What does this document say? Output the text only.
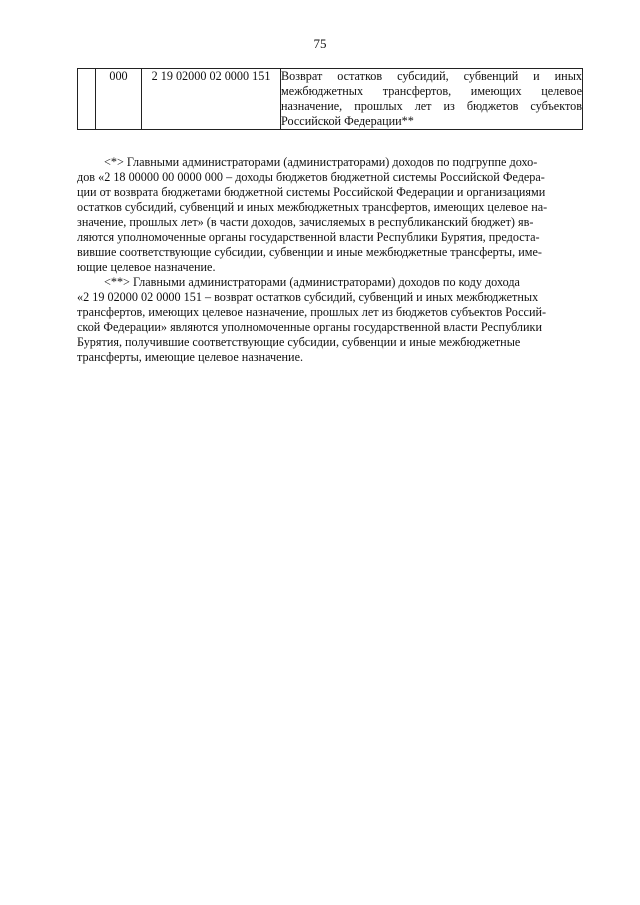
75
	000	2 19 02000 02 0000 151	Возврат остатков субсидий, субвенций и иных межбюджетных трансфертов, имеющих целевое назначение, прошлых лет из бюджетов субъектов Российской Федерации**

<*> Главными администраторами (администраторами) доходов по подгруппе дохо-
дов «2 18 00000 00 0000 000 – доходы бюджетов бюджетной системы Российской Федера-
ции от возврата бюджетами бюджетной системы Российской Федерации и организациями
остатков субсидий, субвенций и иных межбюджетных трансфертов, имеющих целевое на-
значение, прошлых лет» (в части доходов, зачисляемых в республиканский бюджет) яв-
ляются уполномоченные органы государственной власти Республики Бурятия, предоста-
вившие соответствующие субсидии, субвенции и иные межбюджетные трансферты, име-
ющие целевое назначение.

<**> Главными администраторами (администраторами) доходов по коду дохода
«2 19 02000 02 0000 151 – возврат остатков субсидий, субвенций и иных межбюджетных
трансфертов, имеющих целевое назначение, прошлых лет из бюджетов субъектов Россий-
ской Федерации» являются уполномоченные органы государственной власти Республики
Бурятия, получившие соответствующие субсидии, субвенции и иные межбюджетные
трансферты, имеющие целевое назначение.
